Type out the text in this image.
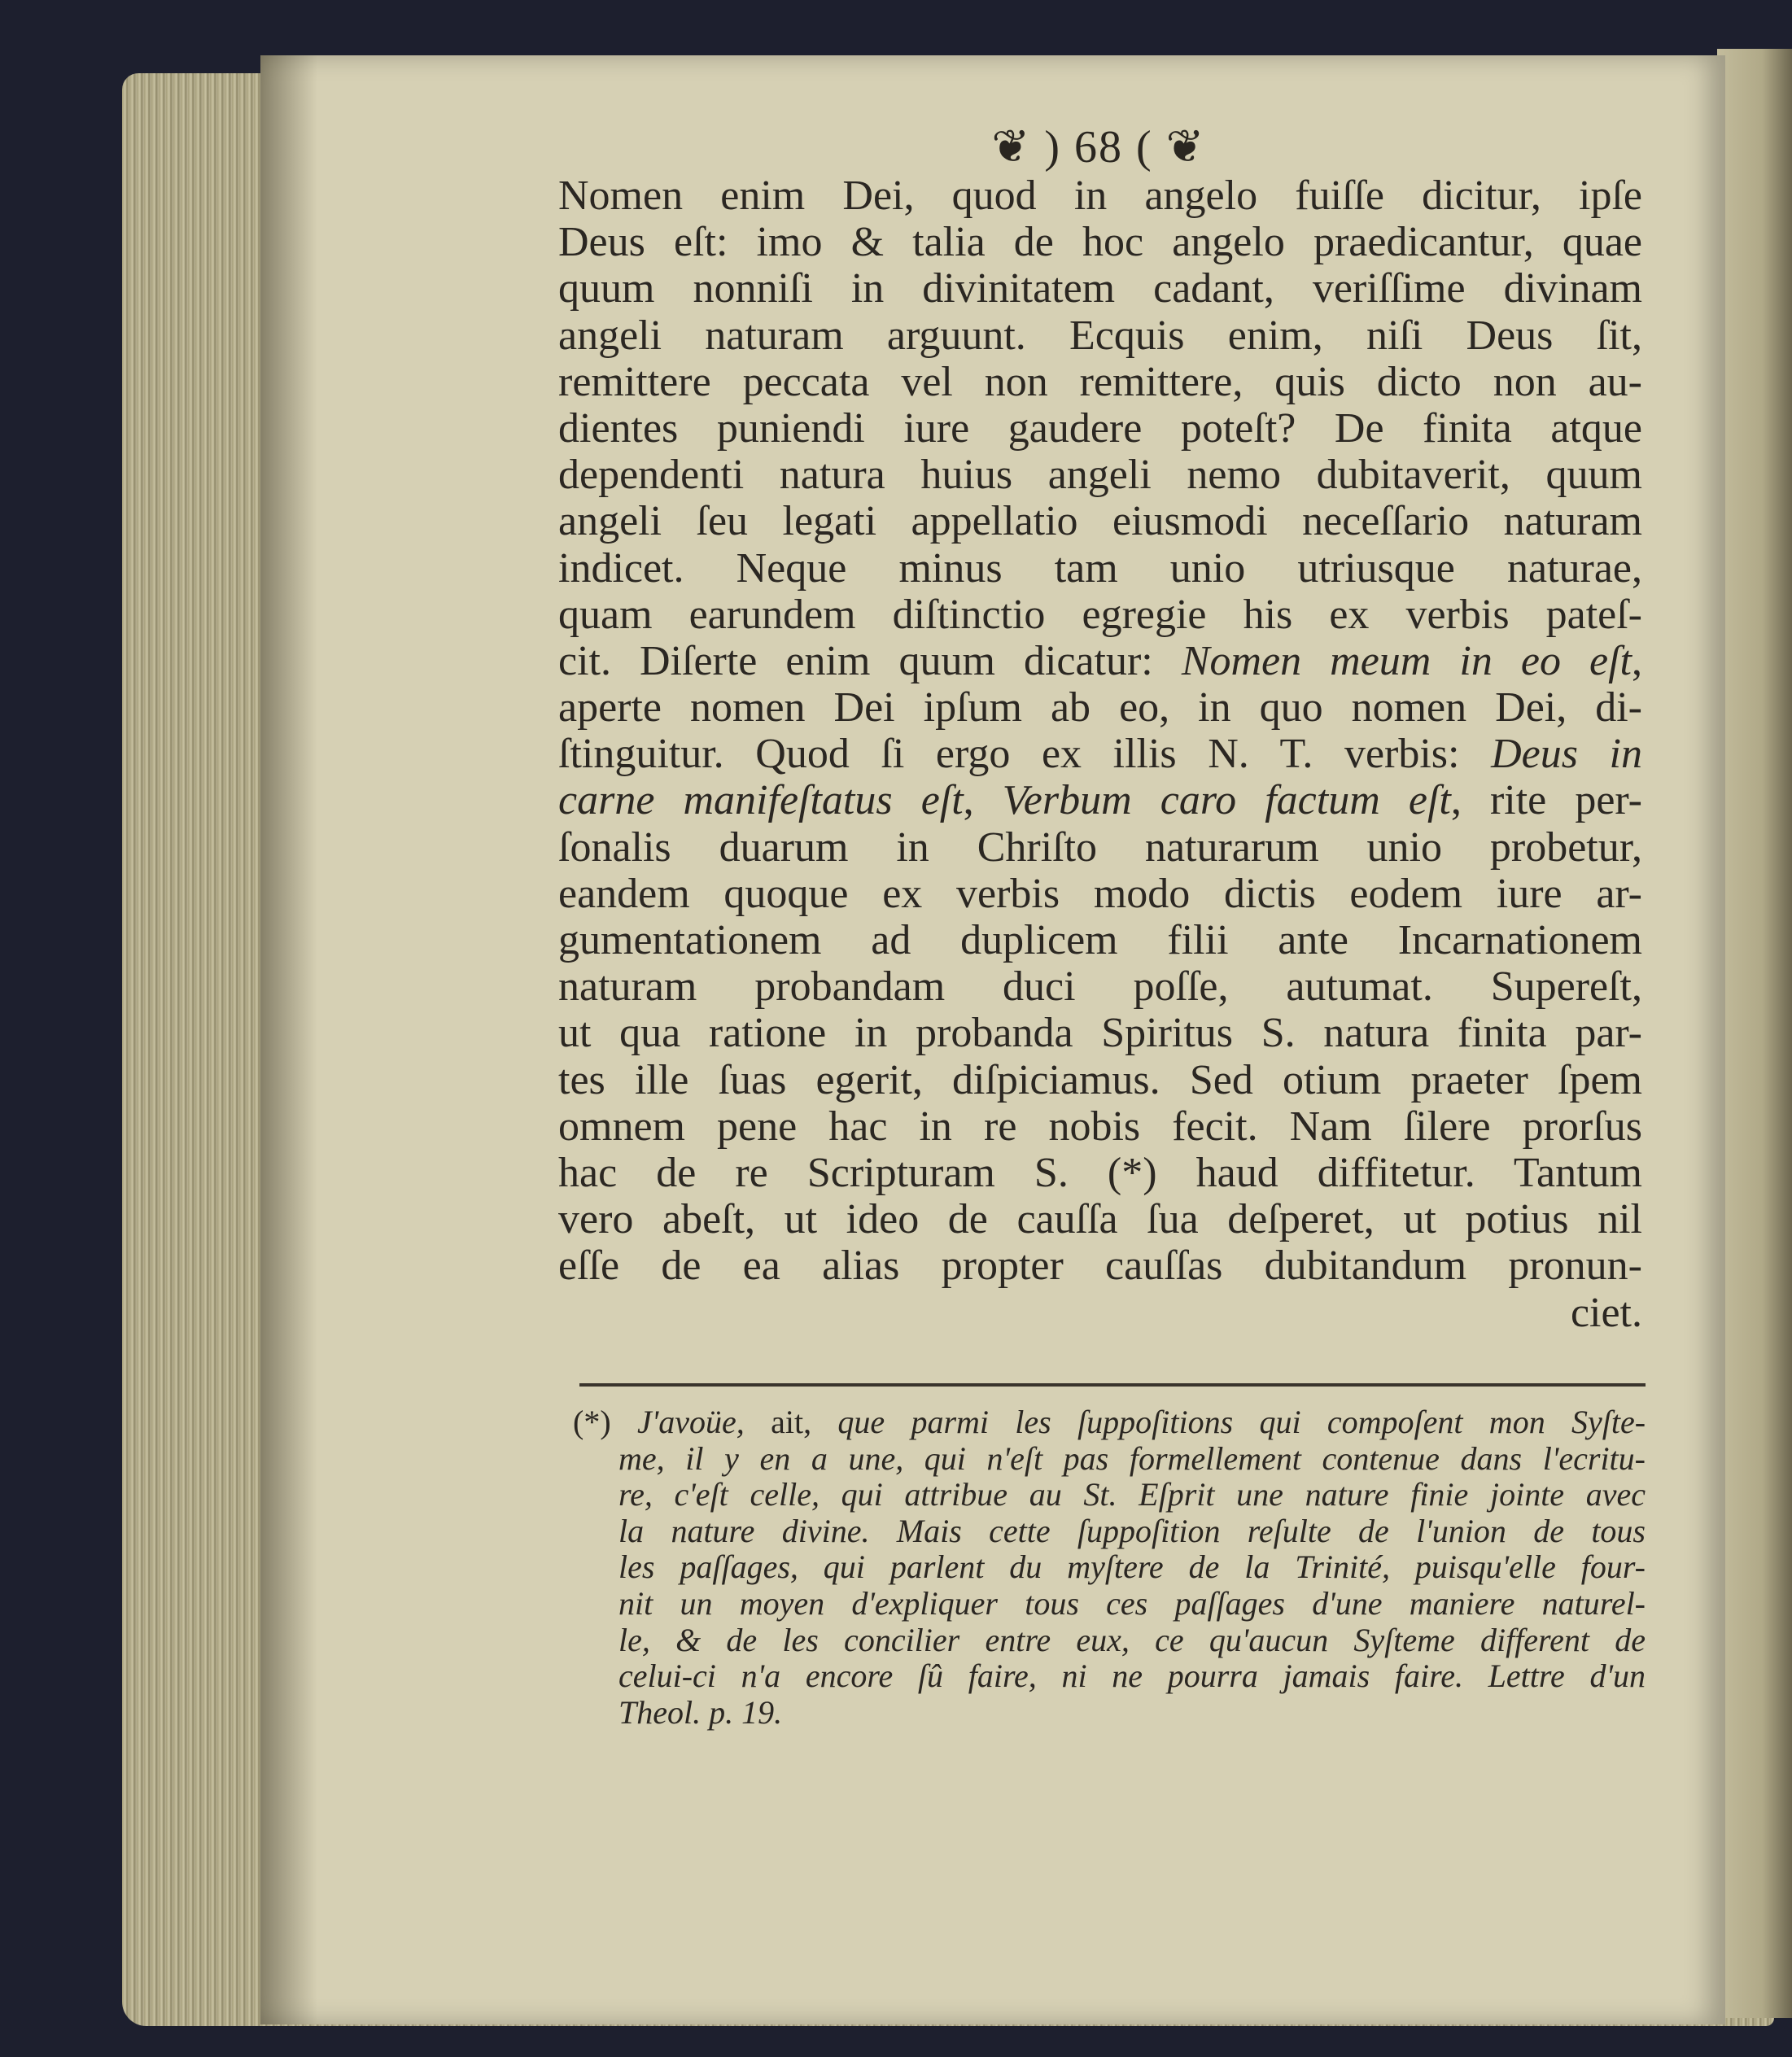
❦ ) 68 ( ❦
Nomen enim Dei, quod in angelo fuiſſe dicitur, ipſe
Deus eſt: imo & talia de hoc angelo praedicantur, quae
quum nonniſi in divinitatem cadant, veriſſime divinam
angeli naturam arguunt. Ecquis enim, niſi Deus ſit,
remittere peccata vel non remittere, quis dicto non au-
dientes puniendi iure gaudere poteſt? De finita atque
dependenti natura huius angeli nemo dubitaverit, quum
angeli ſeu legati appellatio eiusmodi neceſſario naturam
indicet. Neque minus tam unio utriusque naturae,
quam earundem diſtinctio egregie his ex verbis pateſ-
cit. Diſerte enim quum dicatur: Nomen meum in eo eſt,
aperte nomen Dei ipſum ab eo, in quo nomen Dei, di-
ſtinguitur. Quod ſi ergo ex illis N. T. verbis: Deus in
carne manifeſtatus eſt, Verbum caro factum eſt, rite per-
ſonalis duarum in Chriſto naturarum unio probetur,
eandem quoque ex verbis modo dictis eodem iure ar-
gumentationem ad duplicem filii ante Incarnationem
naturam probandam duci poſſe, autumat. Supereſt,
ut qua ratione in probanda Spiritus S. natura finita par-
tes ille ſuas egerit, diſpiciamus. Sed otium praeter ſpem
omnem pene hac in re nobis fecit. Nam ſilere prorſus
hac de re Scripturam S. (*) haud diffitetur. Tantum
vero abeſt, ut ideo de cauſſa ſua deſperet, ut potius nil
eſſe de ea alias propter cauſſas dubitandum pronun-
ciet.
(*) J'avoüe, ait, que parmi les ſuppoſitions qui compoſent mon Syſte-
me, il y en a une, qui n'eſt pas formellement contenue dans l'ecritu-
re, c'eſt celle, qui attribue au St. Eſprit une nature finie jointe avec
la nature divine. Mais cette ſuppoſition reſulte de l'union de tous
les paſſages, qui parlent du myſtere de la Trinité, puisqu'elle four-
nit un moyen d'expliquer tous ces paſſages d'une maniere naturel-
le, & de les concilier entre eux, ce qu'aucun Syſteme different de
celui-ci n'a encore ſû faire, ni ne pourra jamais faire. Lettre d'un
Theol. p. 19.
